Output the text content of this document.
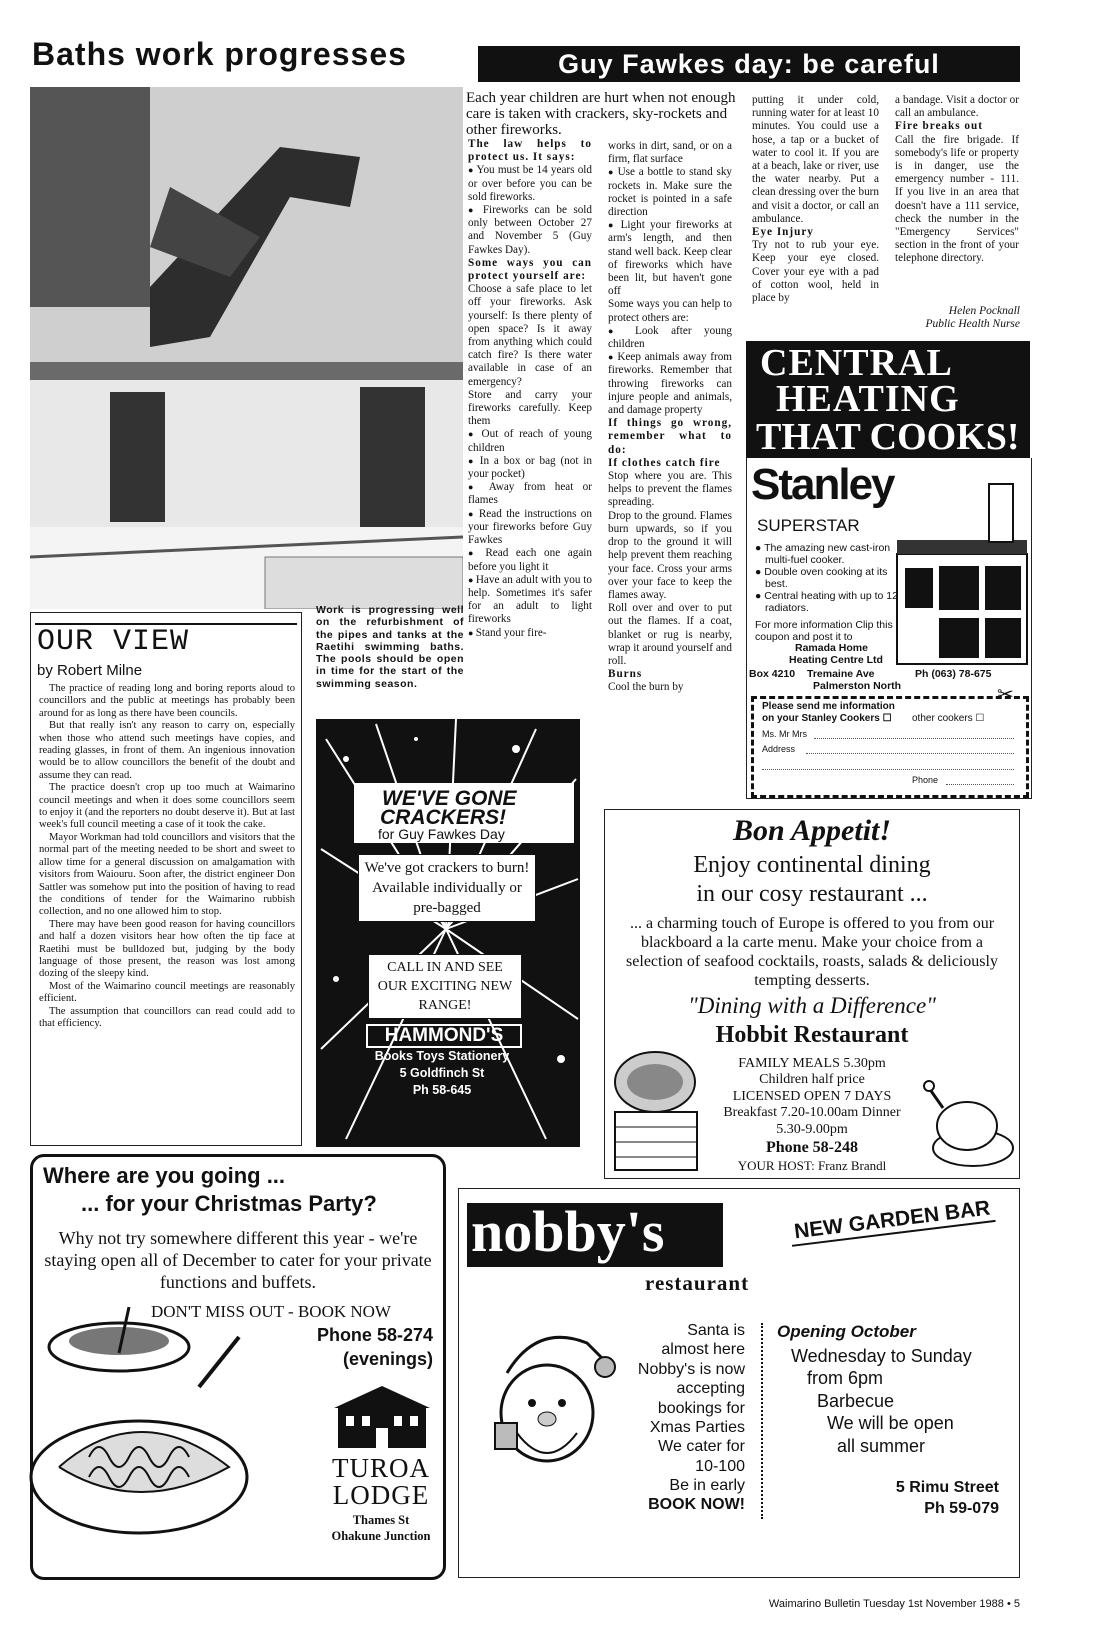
Baths work progresses
Work is progressing well on the refurbishment of the pipes and tanks at the Raetihi swimming baths. The pools should be open in time for the start of the swimming season.
Guy Fawkes day: be careful
Each year children are hurt when not enough care is taken with crackers, sky-rockets and other fireworks.

The law helps to protect us. It says:

● You must be 14 years old or over before you can be sold fireworks.

● Fireworks can be sold only between October 27 and November 5 (Guy Fawkes Day).

Some ways you can protect yourself are:

Choose a safe place to let off your fireworks. Ask yourself: Is there plenty of open space? Is it away from anything which could catch fire? Is there water available in case of an emergency?

Store and carry your fireworks carefully. Keep them

● Out of reach of young children

● In a box or bag (not in your pocket)

● Away from heat or flames

● Read the instructions on your fireworks before Guy Fawkes

● Read each one again before you light it

● Have an adult with you to help. Sometimes it's safer for an adult to light fireworks

● Stand your fire-

works in dirt, sand, or on a firm, flat surface

● Use a bottle to stand sky rockets in. Make sure the rocket is pointed in a safe direction

● Light your fireworks at arm's length, and then stand well back. Keep clear of fireworks which have been lit, but haven't gone off

Some ways you can help to protect others are:

● Look after young children

● Keep animals away from fireworks. Remember that throwing fireworks can injure people and animals, and damage property

If things go wrong, remember what to do:

If clothes catch fire

Stop where you are. This helps to prevent the flames spreading.

Drop to the ground. Flames burn upwards, so if you drop to the ground it will help prevent them reaching your face. Cross your arms over your face to keep the flames away.

Roll over and over to put out the flames. If a coat, blanket or rug is nearby, wrap it around yourself and roll.

Burns

Cool the burn by

putting it under cold, running water for at least 10 minutes. You could use a hose, a tap or a bucket of water to cool it. If you are at a beach, lake or river, use the water nearby. Put a clean dressing over the burn and visit a doctor, or call an ambulance.

Eye Injury

Try not to rub your eye. Keep your eye closed. Cover your eye with a pad of cotton wool, held in place by

a bandage. Visit a doctor or call an ambulance.

Fire breaks out

Call the fire brigade. If somebody's life or property is in danger, use the emergency number - 111. If you live in an area that doesn't have a 111 service, check the number in the "Emergency Services" section in the front of your telephone directory.

Helen Pocknall
Public Health Nurse
OUR VIEW
by Robert Milne

The practice of reading long and boring reports aloud to councillors and the public at meetings has probably been around for as long as there have been councils.

But that really isn't any reason to carry on, especially when those who attend such meetings have copies, and reading glasses, in front of them. An ingenious innovation would be to allow councillors the benefit of the doubt and assume they can read.

The practice doesn't crop up too much at Waimarino council meetings and when it does some councillors seem to enjoy it (and the reporters no doubt deserve it). But at last week's full council meeting a case of it took the cake.

Mayor Workman had told councillors and visitors that the normal part of the meeting needed to be short and sweet to allow time for a general discussion on amalgamation with visitors from Waiouru. Soon after, the district engineer Don Sattler was somehow put into the position of having to read the conditions of tender for the Waimarino rubbish collection, and no one allowed him to stop.

There may have been good reason for having councillors and half a dozen visitors hear how often the tip face at Raetihi must be bulldozed but, judging by the body language of those present, the reason was lost among dozing of the sleepy kind.

Most of the Waimarino council meetings are reasonably efficient.

The assumption that councillors can read could add to that efficiency.

WE'VE GONE
CRACKERS!
for Guy Fawkes Day
We've got crackers to burn! Available individually or pre-bagged
CALL IN AND SEE OUR EXCITING NEW RANGE!
HAMMOND'S
Books Toys Stationery
5 Goldfinch St
Ph 58-645
CENTRAL
HEATING
THAT COOKS!
Stanley
SUPERSTAR
● The amazing new cast-iron multi-fuel cooker.
● Double oven cooking at its best.
● Central heating with up to 12 radiators.
For more information Clip this coupon and post it to
Ramada Home
Heating Centre Ltd
Box 4210 Tremaine Ave
Palmerston North
Ph (063) 78-675
✂
Please send me information
on your Stanley Cookers ☐ other cookers ☐
Ms. Mr Mrs
Address
Phone
Bon Appetit!
Enjoy continental dining
in our cosy restaurant ...
... a charming touch of Europe is offered to you from our blackboard a la carte menu. Make your choice from a selection of seafood cocktails, roasts, salads & deliciously tempting desserts.
"Dining with a Difference"
Hobbit Restaurant
FAMILY MEALS 5.30pm
Children half price
LICENSED OPEN 7 DAYS
Breakfast 7.20-10.00am Dinner
5.30-9.00pm
Phone 58-248
YOUR HOST: Franz Brandl
Where are you going ...
... for your Christmas Party?
Why not try somewhere different this year - we're staying open all of December to cater for your private functions and buffets.
DON'T MISS OUT - BOOK NOW
Phone 58-274
(evenings)
TUROA
LODGE
Thames St
Ohakune Junction
nobby's
restaurant
NEW GARDEN BAR
Santa is
almost here
Nobby's is now
accepting
bookings for
Xmas Parties
We cater for
10-100
Be in early
BOOK NOW!
Opening October
Wednesday to Sunday
from 6pm
Barbecue
We will be open
all summer
5 Rimu Street
Ph 59-079
Waimarino Bulletin Tuesday 1st November 1988 • 5
